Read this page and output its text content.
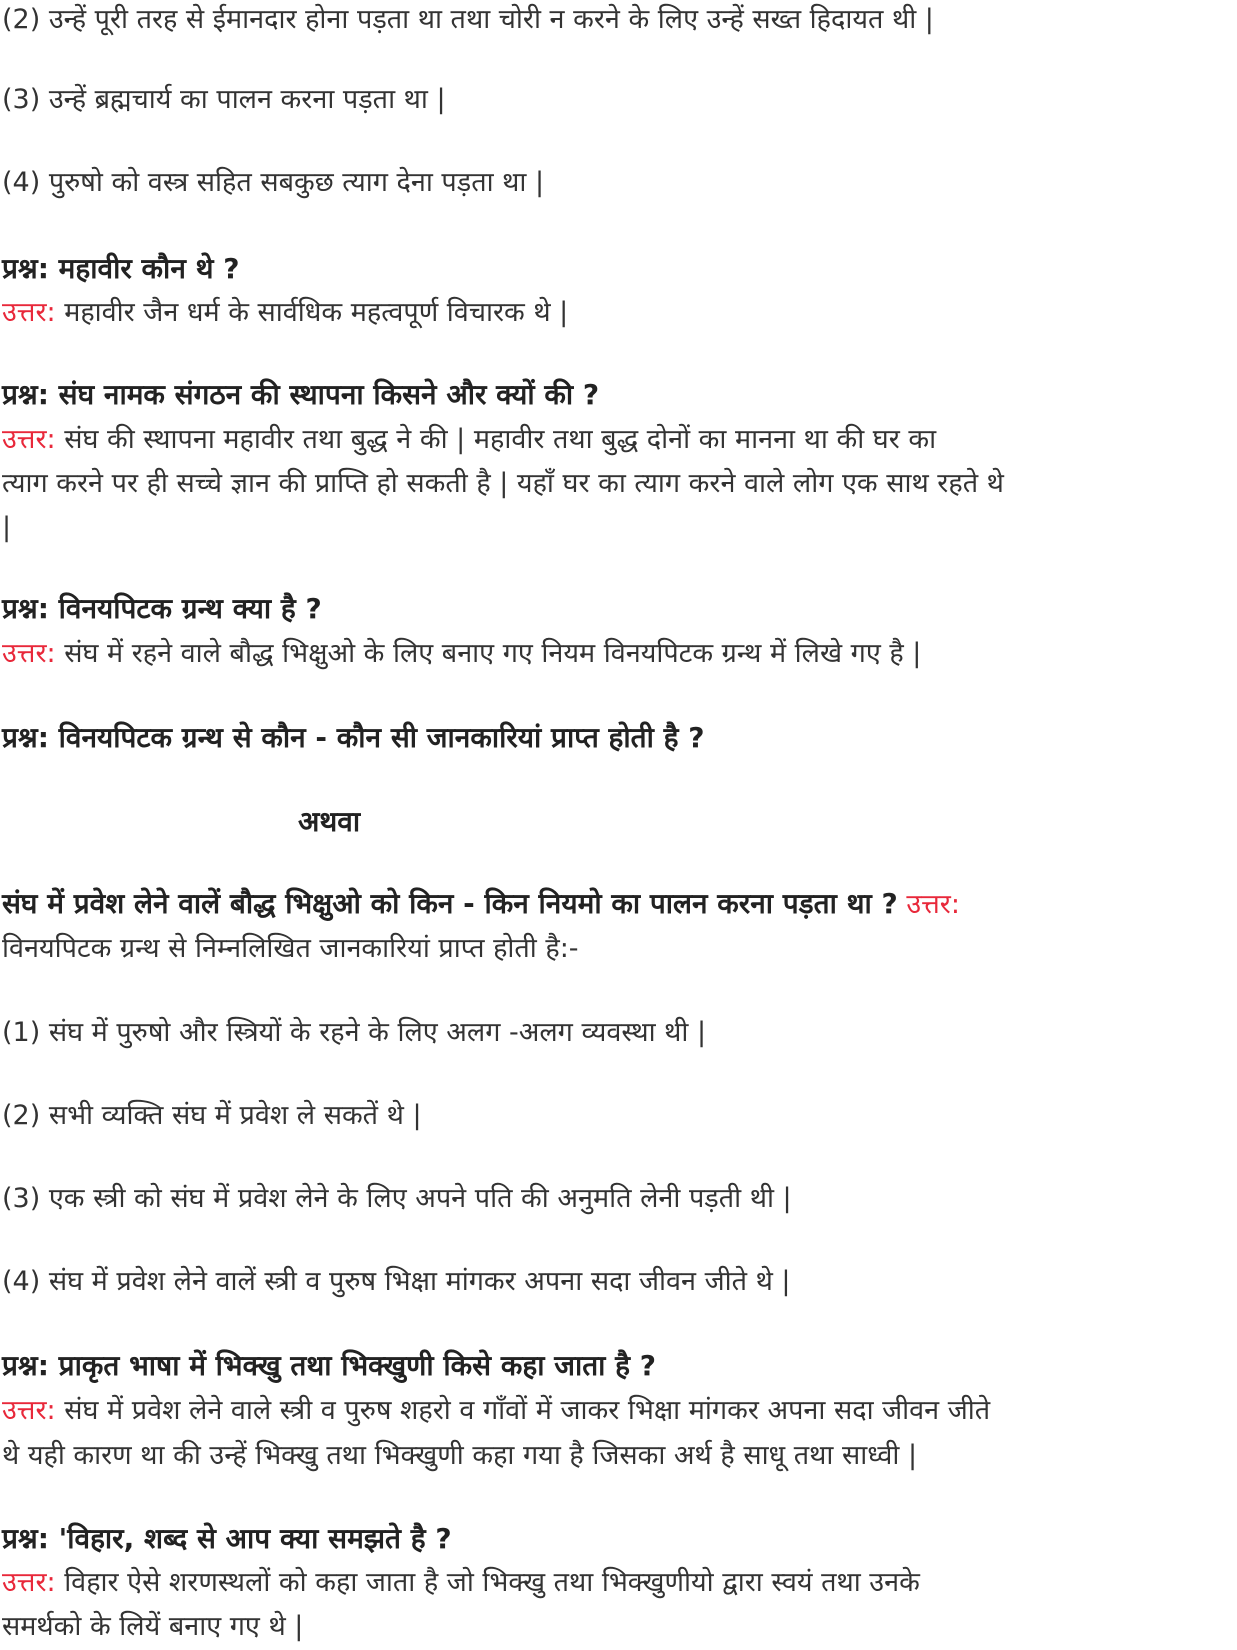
(2) उन्हें पूरी तरह से ईमानदार होना पड़ता था तथा चोरी न करने के लिए उन्हें सख्त हिदायत थी |
(3) उन्हें ब्रह्मचार्य का पालन करना पड़ता था |
(4) पुरुषो को वस्त्र सहित सबकुछ त्याग देना पड़ता था |
प्रश्न: महावीर कौन थे ?
उत्तर: महावीर जैन धर्म के सार्वधिक महत्वपूर्ण विचारक थे |
प्रश्न: संघ नामक संगठन की स्थापना किसने और क्यों की ?
उत्तर: संघ की स्थापना महावीर तथा बुद्ध ने की | महावीर तथा बुद्ध दोनों का मानना था की घर का
त्याग करने पर ही सच्चे ज्ञान की प्राप्ति हो सकती है | यहाँ घर का त्याग करने वाले लोग एक साथ रहते थे
|
प्रश्न: विनयपिटक ग्रन्थ क्या है ?
उत्तर: संघ में रहने वाले बौद्ध भिक्षुओ के लिए बनाए गए नियम विनयपिटक ग्रन्थ में लिखे गए है |
प्रश्न: विनयपिटक ग्रन्थ से कौन - कौन सी जानकारियां प्राप्त होती है ?
अथवा
संघ में प्रवेश लेने वालें बौद्ध भिक्षुओ को किन - किन नियमो का पालन करना पड़ता था ? उत्तर:
विनयपिटक ग्रन्थ से निम्नलिखित जानकारियां प्राप्त होती है:-
(1) संघ में पुरुषो और स्त्रियों के रहने के लिए अलग -अलग व्यवस्था थी |
(2) सभी व्यक्ति संघ में प्रवेश ले सकतें थे |
(3) एक स्त्री को संघ में प्रवेश लेने के लिए अपने पति की अनुमति लेनी पड़ती थी |
(4) संघ में प्रवेश लेने वालें स्त्री व पुरुष भिक्षा मांगकर अपना सदा जीवन जीते थे |
प्रश्न: प्राकृत भाषा में भिक्खु तथा भिक्खुणी किसे कहा जाता है ?
उत्तर: संघ में प्रवेश लेने वाले स्त्री व पुरुष शहरो व गाँवों में जाकर भिक्षा मांगकर अपना सदा जीवन जीते
थे यही कारण था की उन्हें भिक्खु तथा भिक्खुणी कहा गया है जिसका अर्थ है साधू तथा साध्वी |
प्रश्न: 'विहार, शब्द से आप क्या समझते है ?
उत्तर: विहार ऐसे शरणस्थलों को कहा जाता है जो भिक्खु तथा भिक्खुणीयो द्वारा स्वयं तथा उनके
समर्थको के लियें बनाए गए थे |
